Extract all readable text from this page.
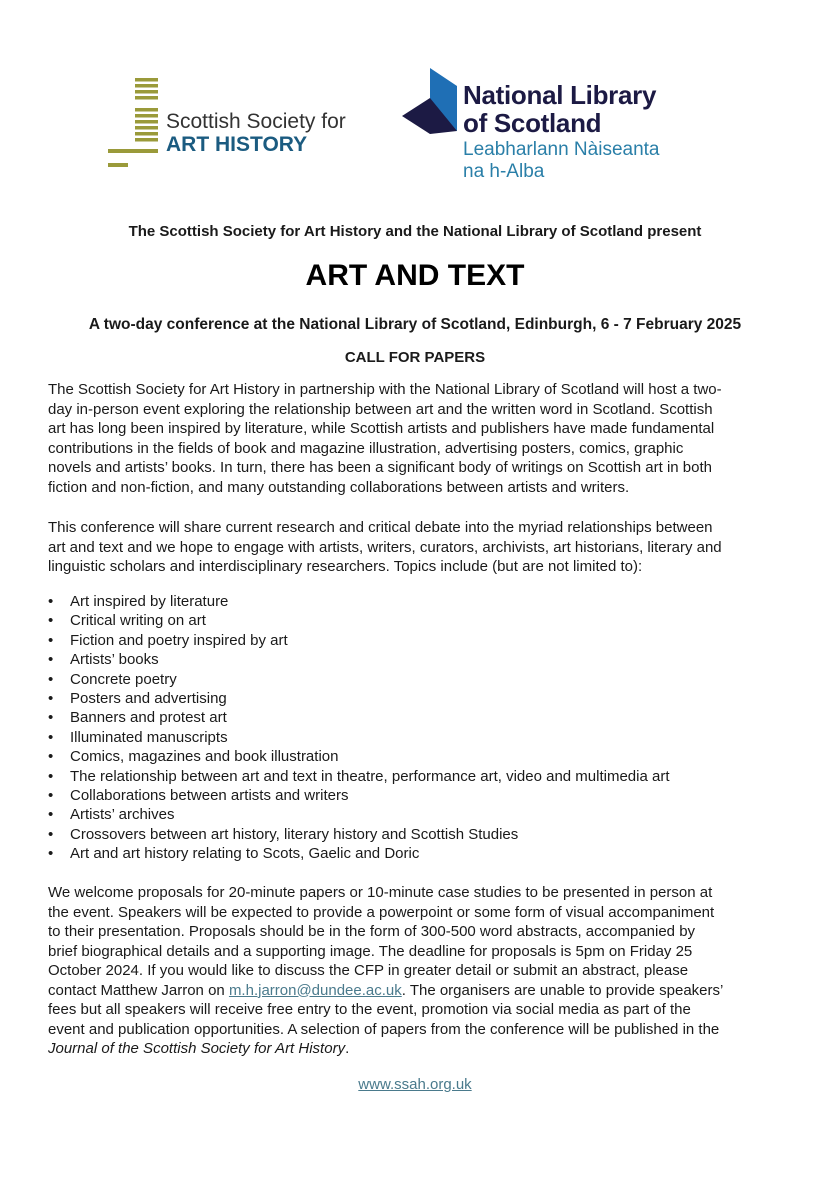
Scottish Society for
ART HISTORY
National Library
of Scotland
Leabharlann Nàiseanta
na h-Alba
The Scottish Society for Art History and the National Library of Scotland present
ART AND TEXT
A two-day conference at the National Library of Scotland, Edinburgh, 6 - 7 February 2025
CALL FOR PAPERS
The Scottish Society for Art History in partnership with the National Library of Scotland will host a two-
day in-person event exploring the relationship between art and the written word in Scotland. Scottish
art has long been inspired by literature, while Scottish artists and publishers have made fundamental
contributions in the fields of book and magazine illustration, advertising posters, comics, graphic
novels and artists’ books. In turn, there has been a significant body of writings on Scottish art in both
fiction and non-fiction, and many outstanding collaborations between artists and writers.
This conference will share current research and critical debate into the myriad relationships between
art and text and we hope to engage with artists, writers, curators, archivists, art historians, literary and
linguistic scholars and interdisciplinary researchers. Topics include (but are not limited to):
• Art inspired by literature
• Critical writing on art
• Fiction and poetry inspired by art
• Artists’ books
• Concrete poetry
• Posters and advertising
• Banners and protest art
• Illuminated manuscripts
• Comics, magazines and book illustration
• The relationship between art and text in theatre, performance art, video and multimedia art
• Collaborations between artists and writers
• Artists’ archives
• Crossovers between art history, literary history and Scottish Studies
• Art and art history relating to Scots, Gaelic and Doric
We welcome proposals for 20-minute papers or 10-minute case studies to be presented in person at
the event. Speakers will be expected to provide a powerpoint or some form of visual accompaniment
to their presentation. Proposals should be in the form of 300-500 word abstracts, accompanied by
brief biographical details and a supporting image. The deadline for proposals is 5pm on Friday 25
October 2024. If you would like to discuss the CFP in greater detail or submit an abstract, please
contact Matthew Jarron on m.h.jarron@dundee.ac.uk. The organisers are unable to provide speakers’
fees but all speakers will receive free entry to the event, promotion via social media as part of the
event and publication opportunities. A selection of papers from the conference will be published in the
Journal of the Scottish Society for Art History.
www.ssah.org.uk
